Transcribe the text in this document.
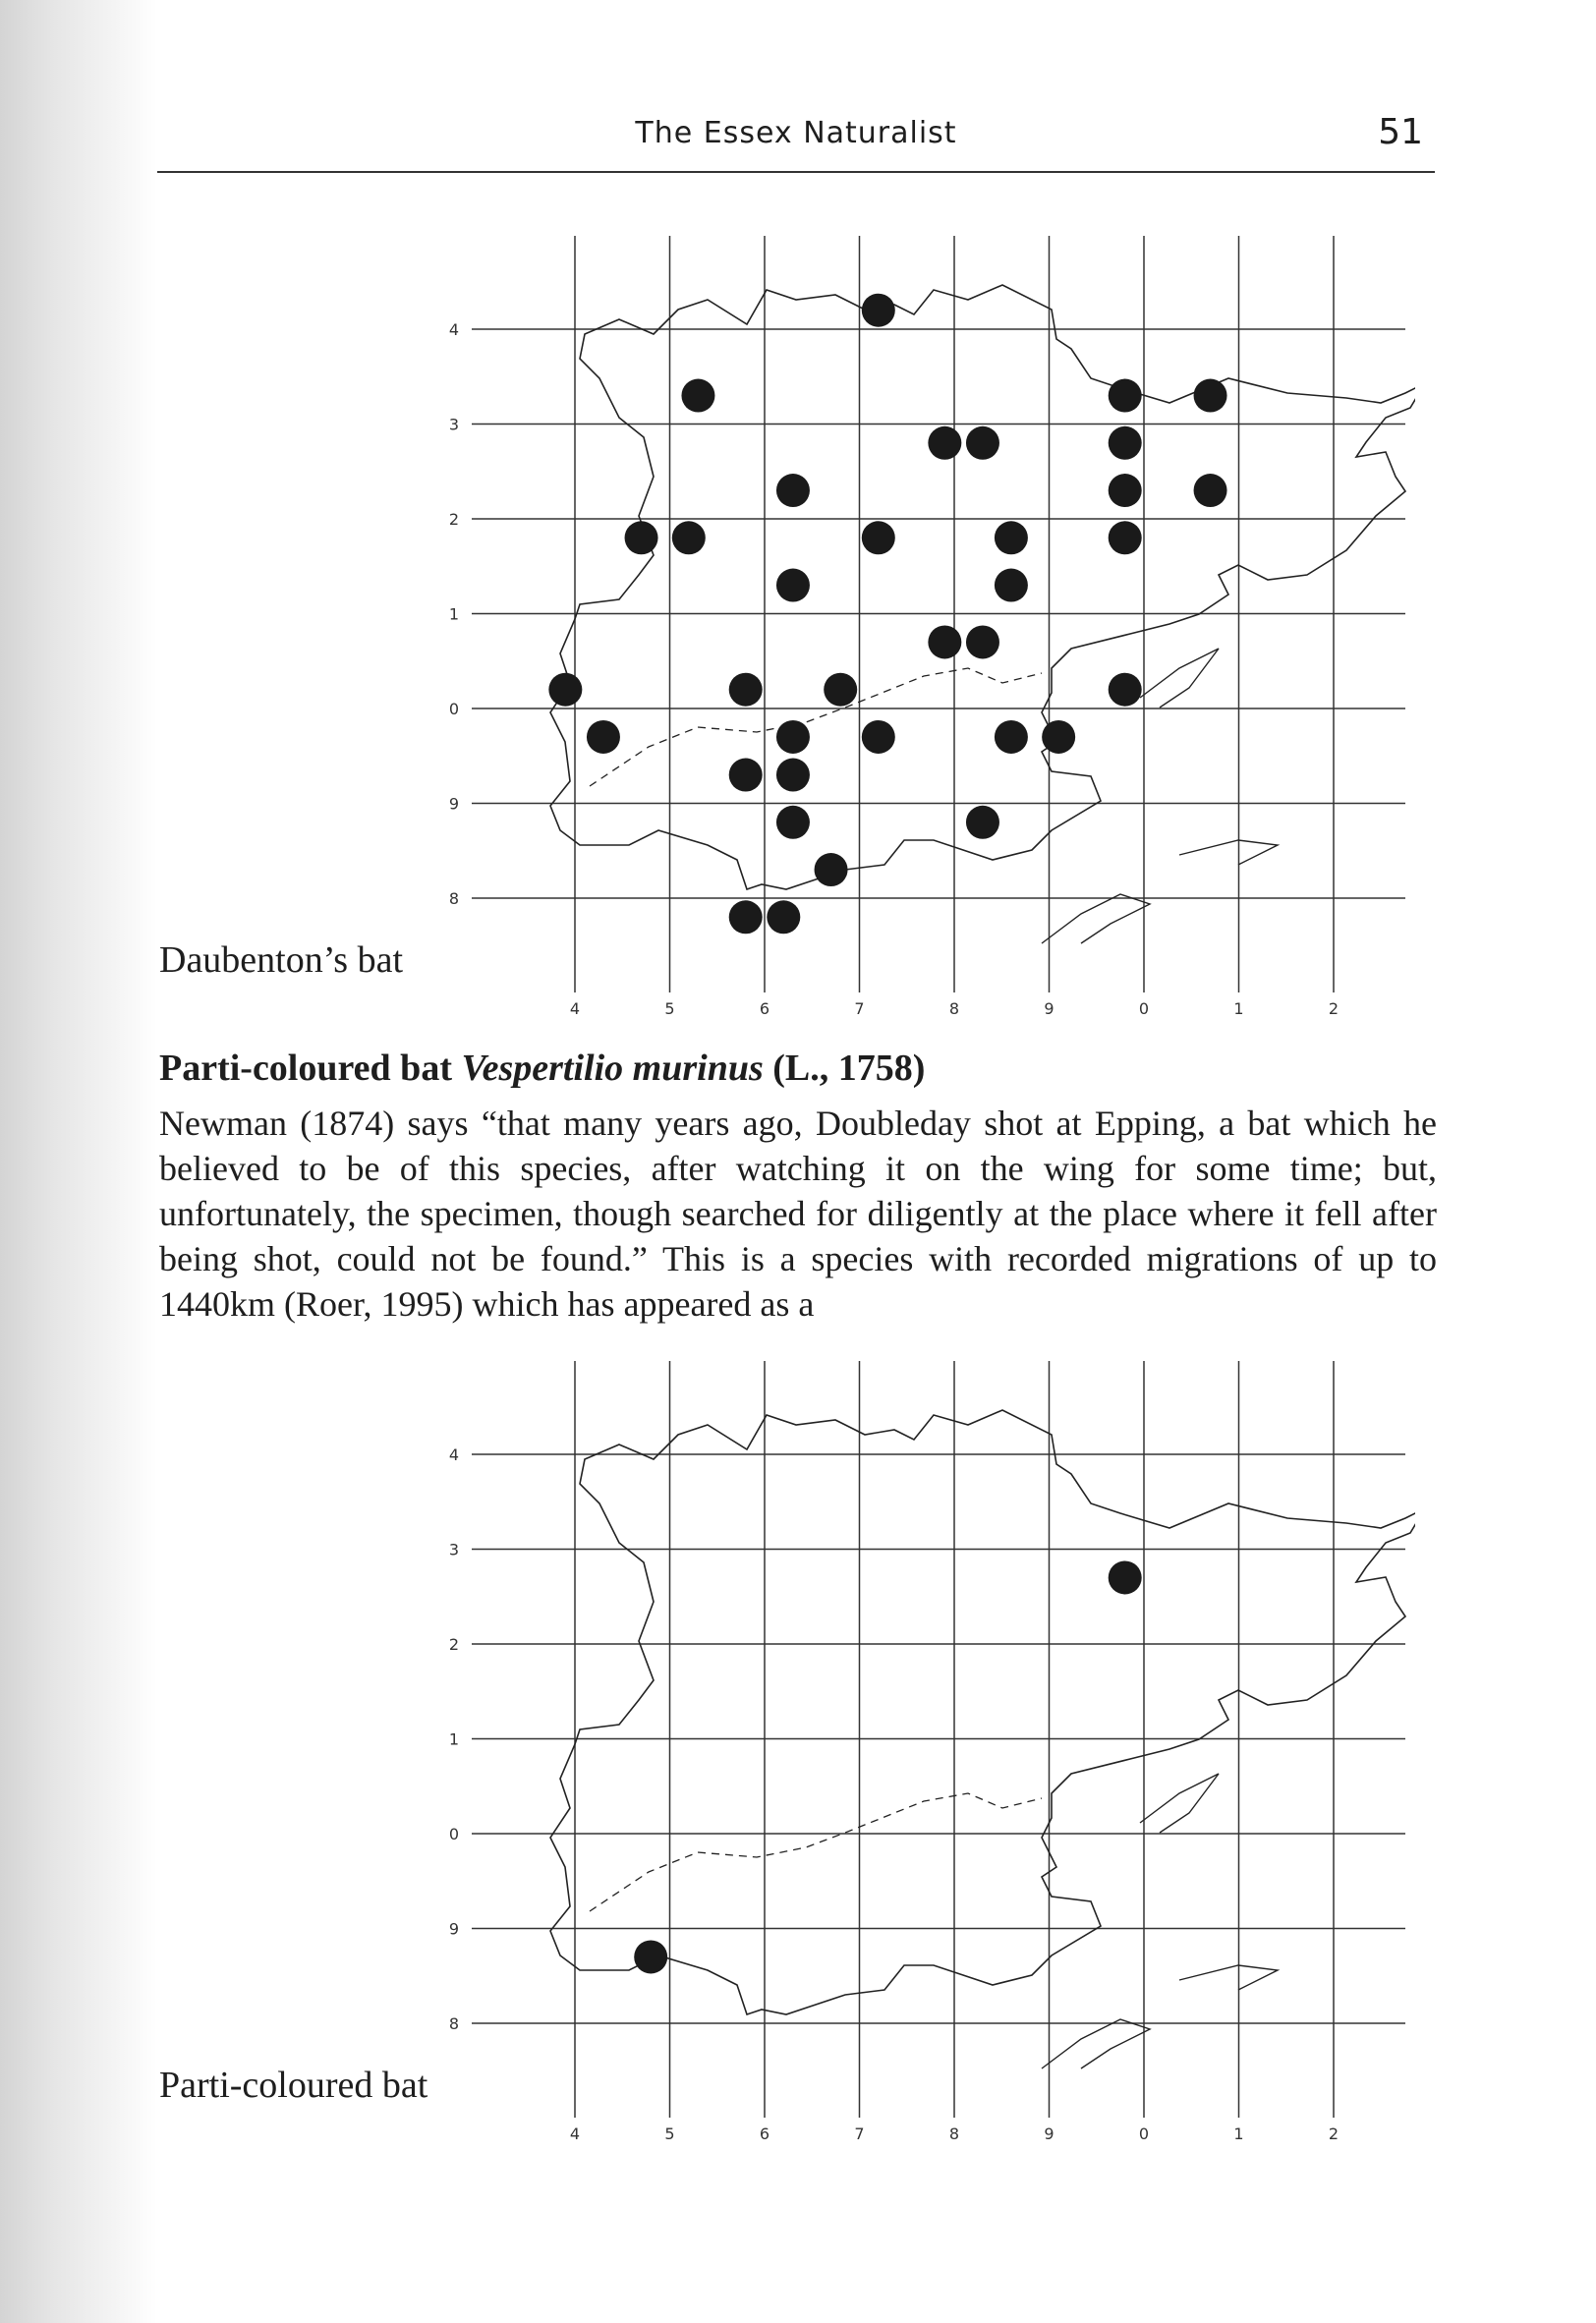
The Essex Naturalist	51
4
3
2
1
0
9
8
4	5	6	7	8	9	0	1	2
Daubenton’s bat
Parti-coloured bat Vespertilio murinus (L., 1758)

Newman (1874) says “that many years ago, Doubleday shot at Epping, a bat which he believed to be of this species, after watching it on the wing for some time; but, unfortunately, the specimen, though searched for diligently at the place where it fell after being shot, could not be found.” This is a species with recorded migrations of up to 1440km (Roer, 1995) which has appeared as a

4
3
2
1
0
9
8
4	5	6	7	8	9	0	1	2
Parti-coloured bat
